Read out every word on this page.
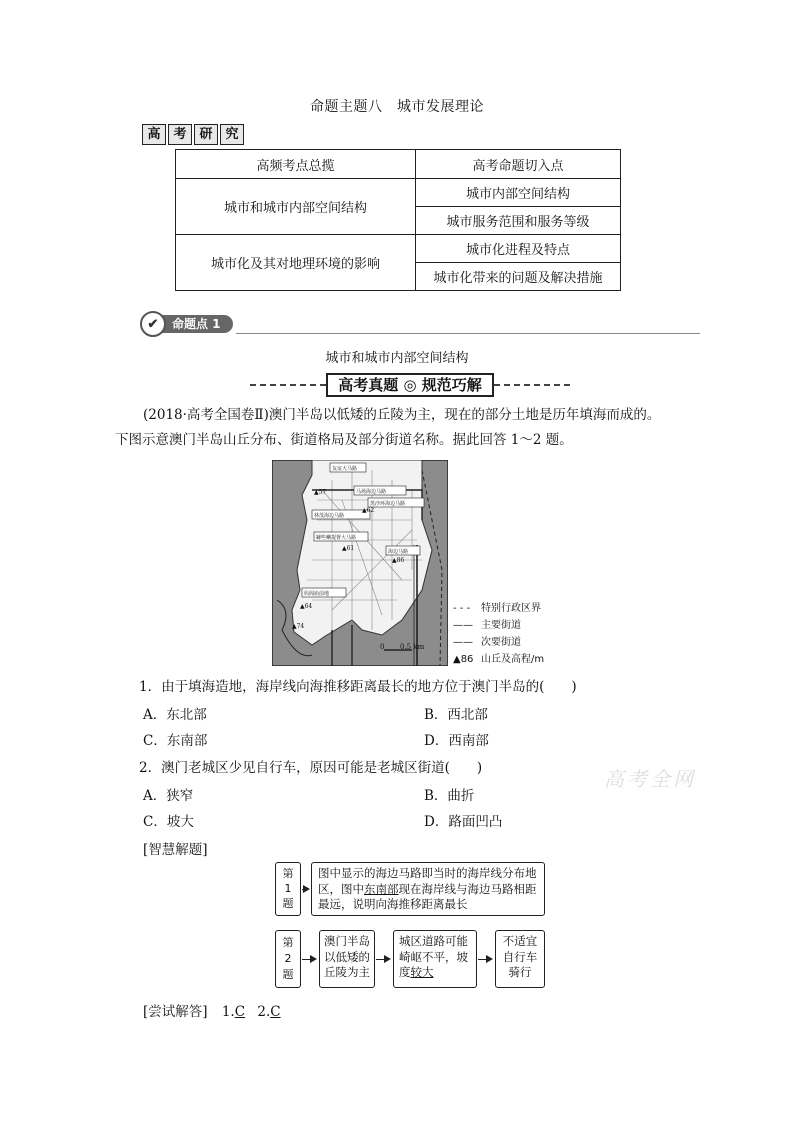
命题主题八　城市发展理论
高 考 研 究
高频考点总揽	高考命题切入点
城市和城市内部空间结构	城市内部空间结构
	城市服务范围和服务等级
城市化及其对地理环境的影响	城市化进程及特点
	城市化带来的问题及解决措施
✔	命题点 1
城市和城市内部空间结构
高考真题 ◎ 规范巧解
(2018·高考全国卷Ⅱ)澳门半岛以低矮的丘陵为主，现在的部分土地是历年填海而成的。
下图示意澳门半岛山丘分布、街道格局及部分街道名称。据此回答 1～2 题。
▲57
▲62
▲61
▲86
▲64
▲74
友谊大马路
马场海边马路
黑沙环海边马路
林茂海边马路
罅些喇提督大马路
海边马路
妈阁庙前地
0 0.5 km
- - - 特别行政区界
—— 主要街道
—— 次要街道
▲86 山丘及高程/m
1．由于填海造地，海岸线向海推移距离最长的地方位于澳门半岛的(　　)
A．东北部	B．西北部
C．东南部	D．西南部
2．澳门老城区少见自行车，原因可能是老城区街道(　　)
A．狭窄	B．曲折
C．坡大	D．路面凹凸
高考全网
[智慧解题]
第
1
题
图中显示的海边马路即当时的海岸线分布地区，图中东南部现在海岸线与海边马路相距最远，说明向海推移距离最长
第
2
题
澳门半岛以低矮的丘陵为主
城区道路可能崎岖不平，坡度较大
不适宜自行车骑行
[尝试解答] 1.C 2.C
